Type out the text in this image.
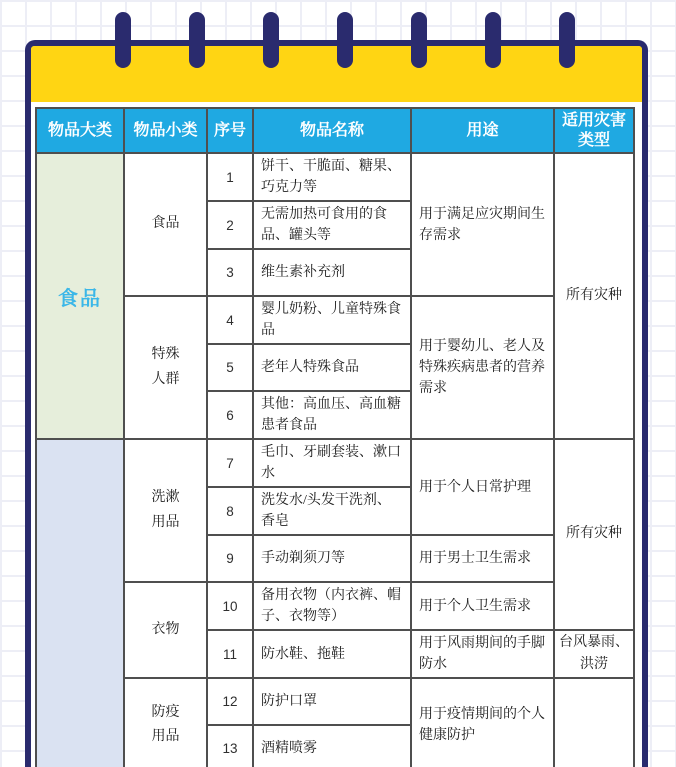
物品大类	物品小类	序号	物品名称	用途	适用灾害类型
食品	食品	1	饼干、干脆面、糖果、巧克力等	用于满足应灾期间生存需求	所有灾种
		2	无需加热可食用的食品、罐头等		
		3	维生素补充剂		
	特殊人群	4	婴儿奶粉、儿童特殊食品	用于婴幼儿、老人及特殊疾病患者的营养需求	
		5	老年人特殊食品		
		6	其他：高血压、高血糖患者食品		
	洗漱用品	7	毛巾、牙刷套装、漱口水	用于个人日常护理	所有灾种
		8	洗发水/头发干洗剂、香皂		
		9	手动剃须刀等	用于男士卫生需求	
	衣物	10	备用衣物（内衣裤、帽子、衣物等）	用于个人卫生需求	
		11	防水鞋、拖鞋	用于风雨期间的手脚防水	台风暴雨、洪涝
	防疫用品	12	防护口罩	用于疫情期间的个人健康防护	
		13	酒精喷雾		
